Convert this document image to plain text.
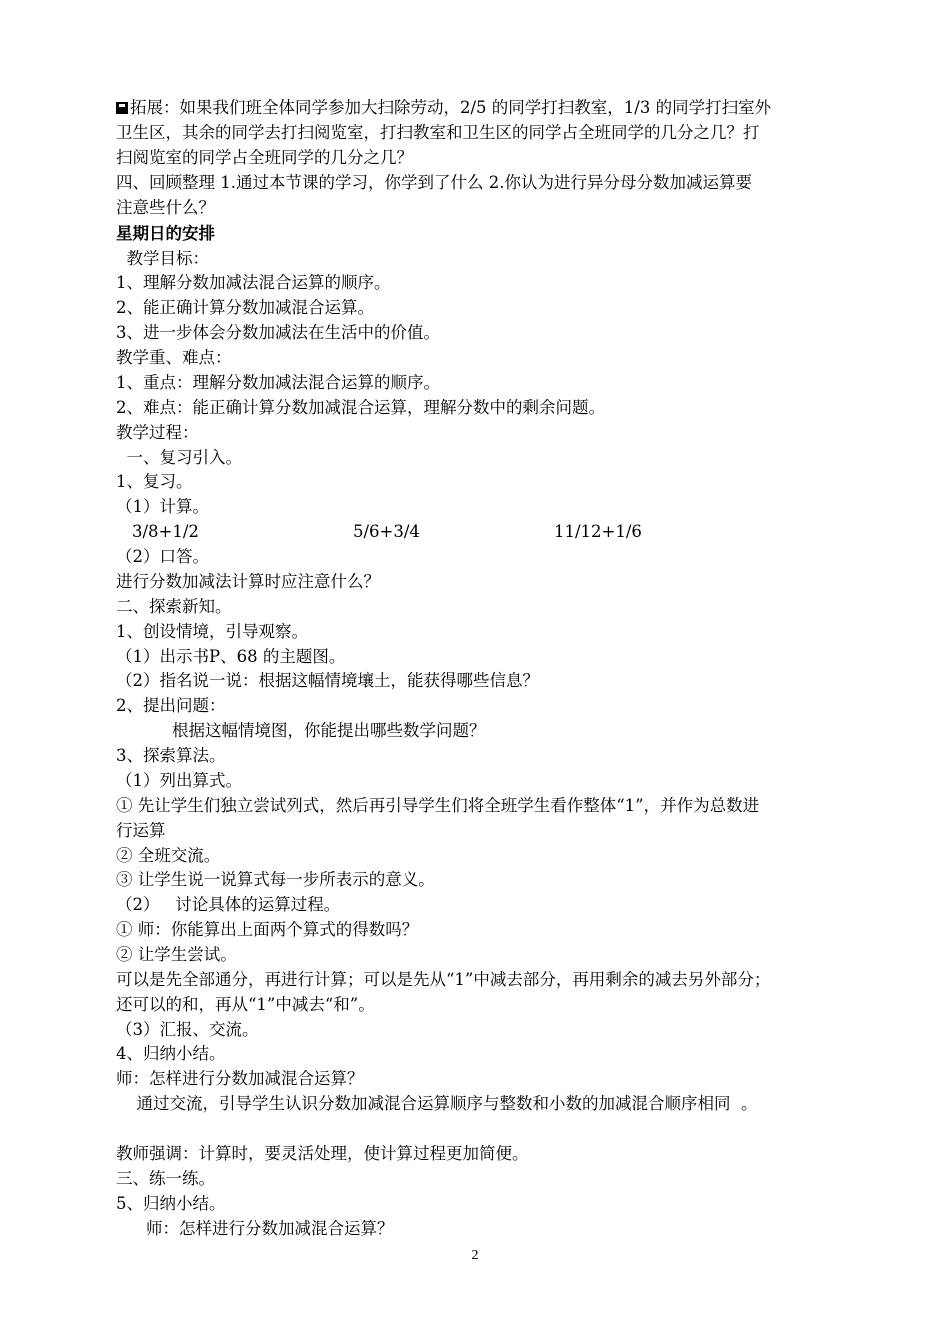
拓展：如果我们班全体同学参加大扫除劳动，2/5 的同学打扫教室，1/3 的同学打扫室外

卫生区，其余的同学去打扫阅览室，打扫教室和卫生区的同学占全班同学的几分之几？打

扫阅览室的同学占全班同学的几分之几？

四、回顾整理 1.通过本节课的学习，你学到了什么 2.你认为进行异分母分数加减运算要

注意些什么？

星期日的安排

教学目标：

1、理解分数加减法混合运算的顺序。

2、能正确计算分数加减混合运算。

3、进一步体会分数加减法在生活中的价值。

教学重、难点：

1、重点：理解分数加减法混合运算的顺序。

2、难点：能正确计算分数加减混合运算，理解分数中的剩余问题。

教学过程：

一、复习引入。

1、复习。

（1）计算。

3/8+1/2	5/6+3/4	11/12+1/6

（2）口答。

进行分数加减法计算时应注意什么？

二、探索新知。

1、创设情境，引导观察。

（1）出示书P、68 的主题图。

（2）指名说一说：根据这幅情境壤土，能获得哪些信息？

2、提出问题：

根据这幅情境图，你能提出哪些数学问题？

3、探索算法。

（1）列出算式。

① 先让学生们独立尝试列式，然后再引导学生们将全班学生看作整体“1”，并作为总数进

行运算

② 全班交流。

③ 让学生说一说算式每一步所表示的意义。

（2）   讨论具体的运算过程。

① 师：你能算出上面两个算式的得数吗？

② 让学生尝试。

可以是先全部通分，再进行计算；可以是先从“1”中减去部分，再用剩余的减去另外部分；

还可以的和，再从“1”中减去“和”。

（3）汇报、交流。

4、归纳小结。

师：怎样进行分数加减混合运算？

通过交流，引导学生认识分数加减混合运算顺序与整数和小数的加减混合顺序相同  。

教师强调：计算时，要灵活处理，使计算过程更加简便。

三、练一练。

5、归纳小结。

师：怎样进行分数加减混合运算？

2
